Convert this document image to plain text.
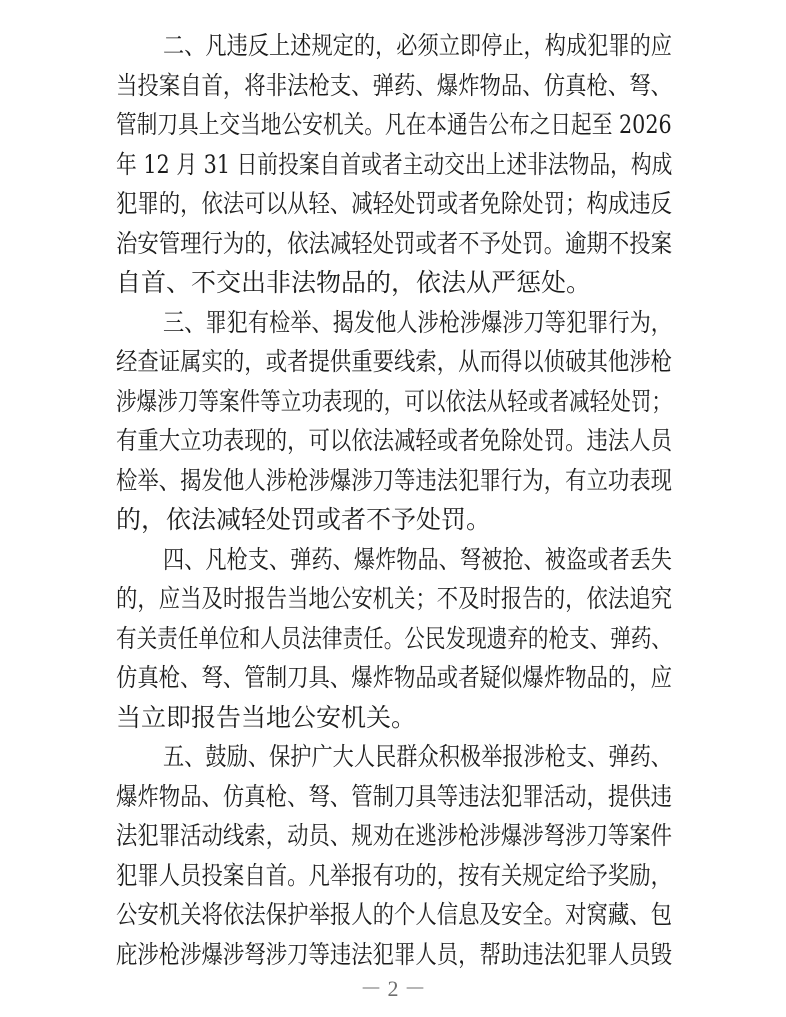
二、凡违反上述规定的，必须立即停止，构成犯罪的应
当投案自首，将非法枪支、弹药、爆炸物品、仿真枪、弩、
管制刀具上交当地公安机关。凡在本通告公布之日起至 2026
年 12 月 31 日前投案自首或者主动交出上述非法物品，构成
犯罪的，依法可以从轻、减轻处罚或者免除处罚；构成违反
治安管理行为的，依法减轻处罚或者不予处罚。逾期不投案
自首、不交出非法物品的，依法从严惩处。
三、罪犯有检举、揭发他人涉枪涉爆涉刀等犯罪行为，
经查证属实的，或者提供重要线索，从而得以侦破其他涉枪
涉爆涉刀等案件等立功表现的，可以依法从轻或者减轻处罚；
有重大立功表现的，可以依法减轻或者免除处罚。违法人员
检举、揭发他人涉枪涉爆涉刀等违法犯罪行为，有立功表现
的，依法减轻处罚或者不予处罚。
四、凡枪支、弹药、爆炸物品、弩被抢、被盗或者丢失
的，应当及时报告当地公安机关；不及时报告的，依法追究
有关责任单位和人员法律责任。公民发现遗弃的枪支、弹药、
仿真枪、弩、管制刀具、爆炸物品或者疑似爆炸物品的，应
当立即报告当地公安机关。
五、鼓励、保护广大人民群众积极举报涉枪支、弹药、
爆炸物品、仿真枪、弩、管制刀具等违法犯罪活动，提供违
法犯罪活动线索，动员、规劝在逃涉枪涉爆涉弩涉刀等案件
犯罪人员投案自首。凡举报有功的，按有关规定给予奖励，
公安机关将依法保护举报人的个人信息及安全。对窝藏、包
庇涉枪涉爆涉弩涉刀等违法犯罪人员，帮助违法犯罪人员毁
－ 2 －
